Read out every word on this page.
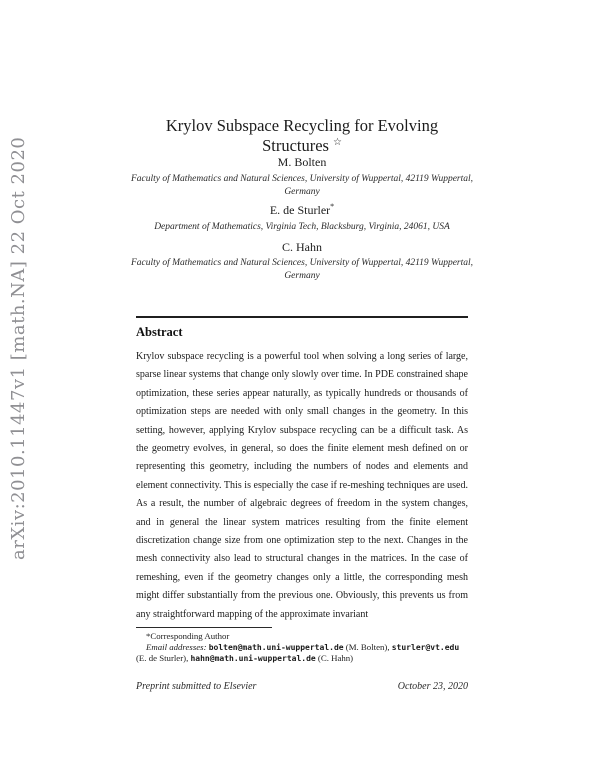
arXiv:2010.11447v1 [math.NA] 22 Oct 2020
Krylov Subspace Recycling for Evolving Structures ☆
M. Bolten
Faculty of Mathematics and Natural Sciences, University of Wuppertal, 42119 Wuppertal, Germany
E. de Sturler*
Department of Mathematics, Virginia Tech, Blacksburg, Virginia, 24061, USA
C. Hahn
Faculty of Mathematics and Natural Sciences, University of Wuppertal, 42119 Wuppertal, Germany
Abstract
Krylov subspace recycling is a powerful tool when solving a long series of large, sparse linear systems that change only slowly over time. In PDE constrained shape optimization, these series appear naturally, as typically hundreds or thousands of optimization steps are needed with only small changes in the geometry. In this setting, however, applying Krylov subspace recycling can be a difficult task. As the geometry evolves, in general, so does the finite element mesh defined on or representing this geometry, including the numbers of nodes and elements and element connectivity. This is especially the case if re-meshing techniques are used. As a result, the number of algebraic degrees of freedom in the system changes, and in general the linear system matrices resulting from the finite element discretization change size from one optimization step to the next. Changes in the mesh connectivity also lead to structural changes in the matrices. In the case of remeshing, even if the geometry changes only a little, the corresponding mesh might differ substantially from the previous one. Obviously, this prevents us from any straightforward mapping of the approximate invariant
*Corresponding Author
Email addresses: bolten@math.uni-wuppertal.de (M. Bolten), sturler@vt.edu (E. de Sturler), hahn@math.uni-wuppertal.de (C. Hahn)
Preprint submitted to Elsevier	October 23, 2020
